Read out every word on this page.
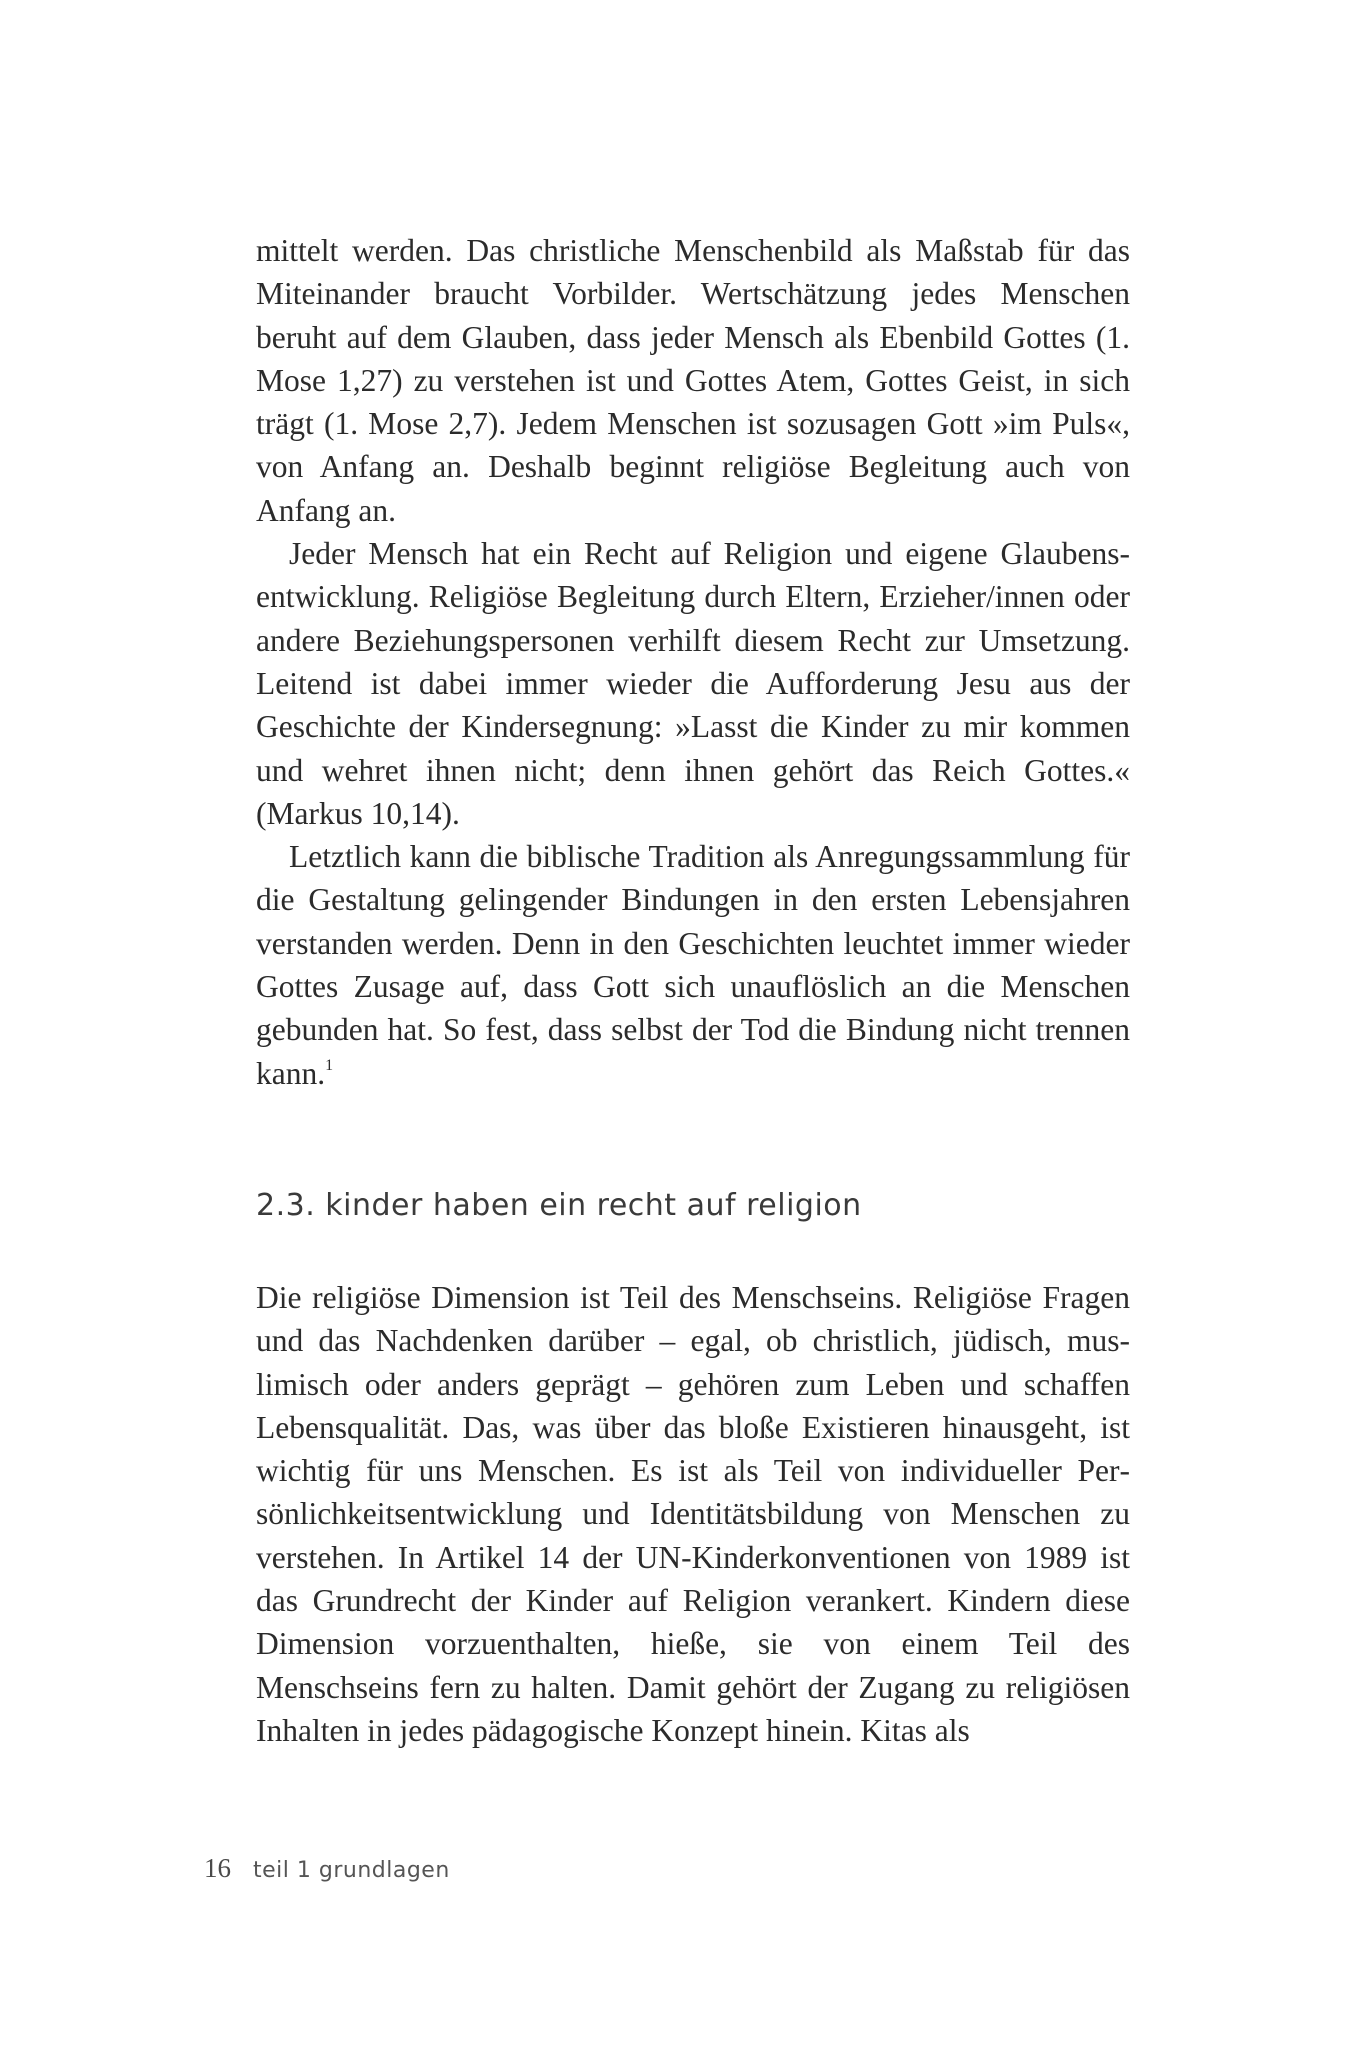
mittelt werden. Das christliche Menschenbild als Maßstab für das Miteinander braucht Vorbilder. Wertschätzung jedes Menschen beruht auf dem Glauben, dass jeder Mensch als Ebenbild Gottes (1. Mose 1,27) zu verstehen ist und Gottes Atem, Gottes Geist, in sich trägt (1. Mose 2,7). Jedem Menschen ist sozusagen Gott »im Puls«, von Anfang an. Deshalb beginnt religiöse Begleitung auch von Anfang an.

Jeder Mensch hat ein Recht auf Religion und eigene Glaubensentwicklung. Religiöse Begleitung durch Eltern, Erzieher/innen oder andere Beziehungspersonen verhilft diesem Recht zur Umsetzung. Leitend ist dabei immer wieder die Aufforderung Jesu aus der Geschichte der Kindersegnung: »Lasst die Kinder zu mir kommen und wehret ihnen nicht; denn ihnen gehört das Reich Gottes.« (Markus 10,14).

Letztlich kann die biblische Tradition als Anregungssammlung für die Gestaltung gelingender Bindungen in den ersten Lebensjahren verstanden werden. Denn in den Geschichten leuchtet immer wieder Gottes Zusage auf, dass Gott sich unauflöslich an die Menschen gebunden hat. So fest, dass selbst der Tod die Bindung nicht trennen kann.$^1$

2.3. kinder haben ein recht auf religion

Die religiöse Dimension ist Teil des Menschseins. Religiöse Fragen und das Nachdenken darüber – egal, ob christlich, jüdisch, muslimisch oder anders geprägt – gehören zum Leben und schaffen Lebensqualität. Das, was über das bloße Existieren hinausgeht, ist wichtig für uns Menschen. Es ist als Teil von individueller Persönlichkeitsentwicklung und Identitätsbildung von Menschen zu verstehen. In Artikel 14 der UN-Kinderkonventionen von 1989 ist das Grundrecht der Kinder auf Religion verankert. Kindern diese Dimension vorzuenthalten, hieße, sie von einem Teil des Menschseins fern zu halten. Damit gehört der Zugang zu religiösen Inhalten in jedes pädagogische Konzept hinein. Kitas als

16 teil 1 grundlagen
